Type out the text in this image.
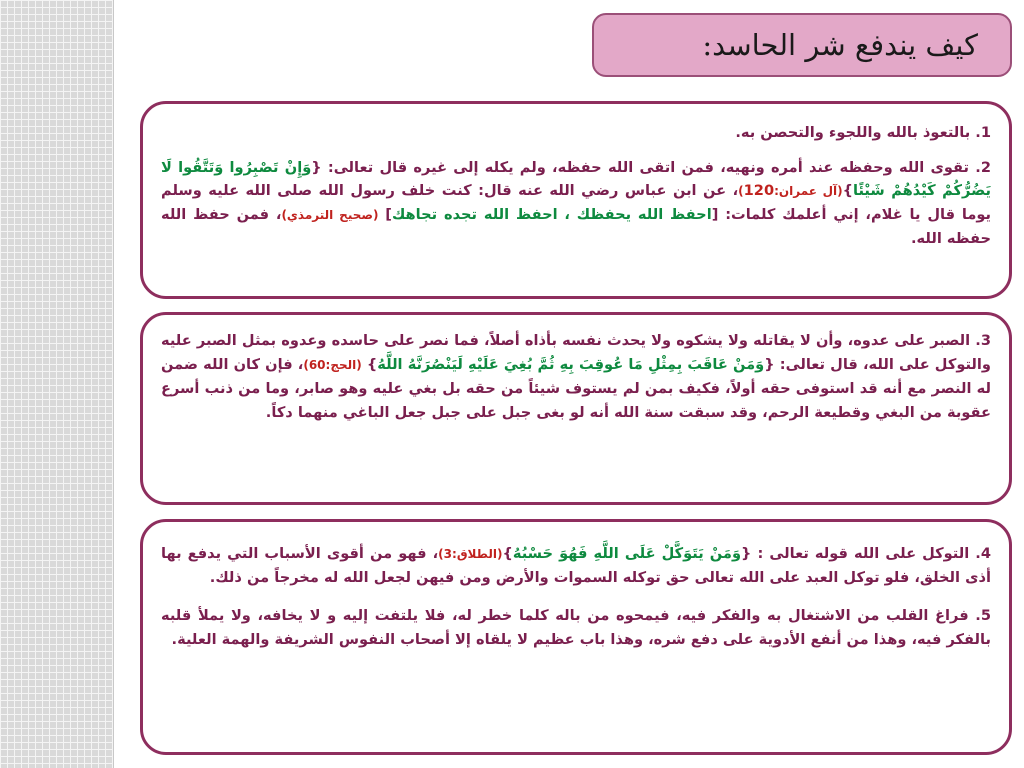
كيف يندفع شر الحاسد:

1. بالتعوذ بالله واللجوء والتحصن به.

2. تقوى الله وحفظه عند أمره ونهيه، فمن اتقى الله حفظه، ولم يكله إلى غيره قال تعالى: {وَإِنْ تَصْبِرُوا وَتَتَّقُوا لَا يَضُرُّكُمْ كَيْدُهُمْ شَيْئًا}(آل عمران:120)، عن ابن عباس رضي الله عنه قال: كنت خلف رسول الله صلى الله عليه وسلم يوما قال يا غلام، إني أعلمك كلمات: [احفظ الله يحفظك ، احفظ الله تجده تجاهك] (صحيح الترمذي)، فمن حفظ الله حفظه الله.

3. الصبر على عدوه، وأن لا يقاتله ولا يشكوه ولا يحدث نفسه بأذاه أصلاً، فما نصر على حاسده وعدوه بمثل الصبر عليه والتوكل على الله، قال تعالى: {وَمَنْ عَاقَبَ بِمِثْلِ مَا عُوقِبَ بِهِ ثُمَّ بُغِيَ عَلَيْهِ لَيَنْصُرَنَّهُ اللَّهُ} (الحج:60)، فإن كان الله ضمن له النصر مع أنه قد استوفى حقه أولاً، فكيف بمن لم يستوف شيئاً من حقه بل بغي عليه وهو صابر، وما من ذنب أسرع عقوبة من البغي وقطيعة الرحم، وقد سبقت سنة الله أنه لو بغى جبل على جبل جعل الباغي منهما دكاً.

4. التوكل على الله قوله تعالى : {وَمَنْ يَتَوَكَّلْ عَلَى اللَّهِ فَهُوَ حَسْبُهُ}(الطلاق:3)، فهو من أقوى الأسباب التي يدفع بها أذى الخلق، فلو توكل العبد على الله تعالى حق توكله السموات والأرض ومن فيهن لجعل الله له مخرجاً من ذلك.

5. فراغ القلب من الاشتغال به والفكر فيه، فيمحوه من باله كلما خطر له، فلا يلتفت إليه و لا يخافه، ولا يملأ قلبه بالفكر فيه، وهذا من أنفع الأدوية على دفع شره، وهذا باب عظيم لا يلقاه إلا أصحاب النفوس الشريفة والهمة العلية.
